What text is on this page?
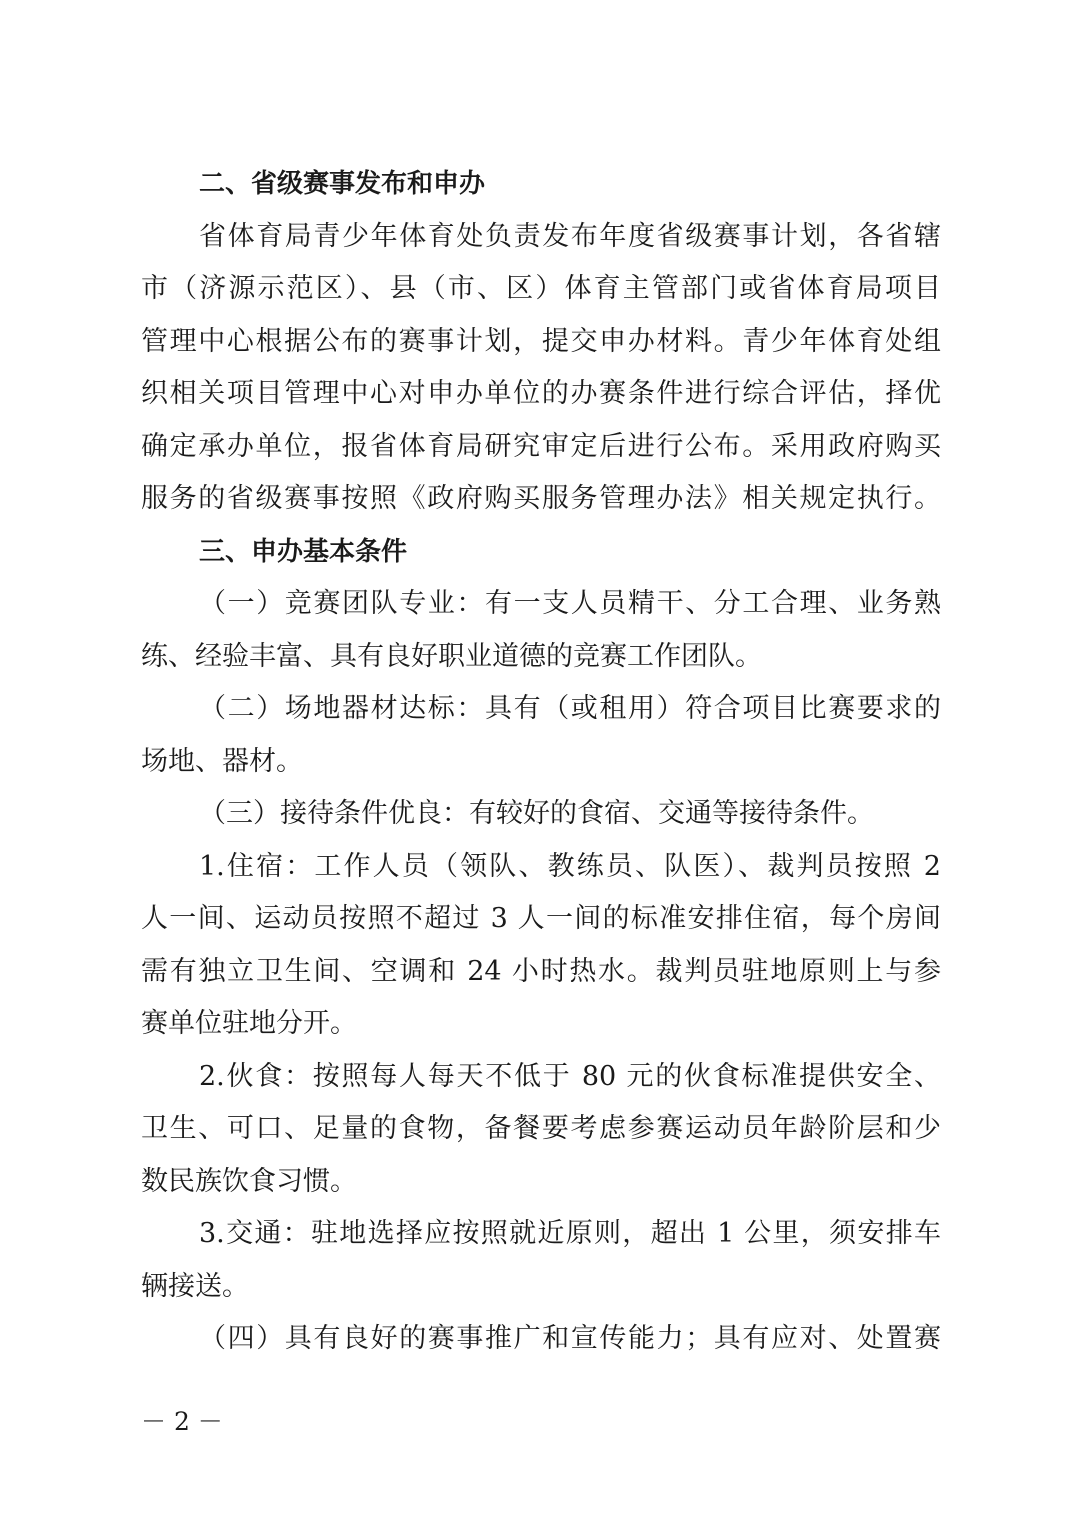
二、省级赛事发布和申办
省体育局青少年体育处负责发布年度省级赛事计划，各省辖
市（济源示范区）、县（市、区）体育主管部门或省体育局项目
管理中心根据公布的赛事计划，提交申办材料。青少年体育处组
织相关项目管理中心对申办单位的办赛条件进行综合评估，择优
确定承办单位，报省体育局研究审定后进行公布。采用政府购买
服务的省级赛事按照《政府购买服务管理办法》相关规定执行。
三、申办基本条件
（一）竞赛团队专业：有一支人员精干、分工合理、业务熟
练、经验丰富、具有良好职业道德的竞赛工作团队。
（二）场地器材达标：具有（或租用）符合项目比赛要求的
场地、器材。
（三）接待条件优良：有较好的食宿、交通等接待条件。
1.住宿：工作人员（领队、教练员、队医）、裁判员按照 2
人一间、运动员按照不超过 3 人一间的标准安排住宿，每个房间
需有独立卫生间、空调和 24 小时热水。裁判员驻地原则上与参
赛单位驻地分开。
2.伙食：按照每人每天不低于 80 元的伙食标准提供安全、
卫生、可口、足量的食物，备餐要考虑参赛运动员年龄阶层和少
数民族饮食习惯。
3.交通：驻地选择应按照就近原则，超出 1 公里，须安排车
辆接送。
（四）具有良好的赛事推广和宣传能力；具有应对、处置赛
－ 2 －
